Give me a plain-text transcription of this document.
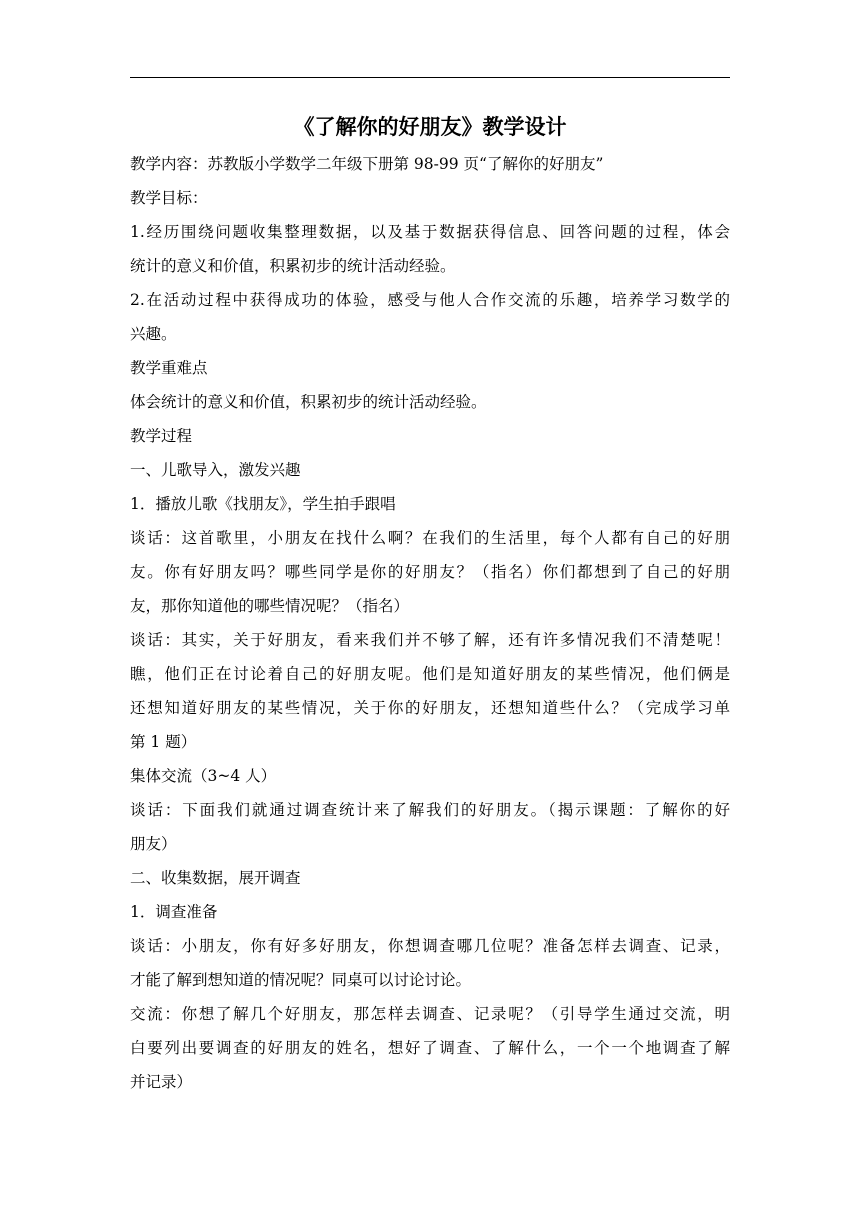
《了解你的好朋友》教学设计
教学内容：苏教版小学数学二年级下册第 98-99 页“了解你的好朋友”
教学目标：
1.经历围绕问题收集整理数据，以及基于数据获得信息、回答问题的过程，体会
统计的意义和价值，积累初步的统计活动经验。
2.在活动过程中获得成功的体验，感受与他人合作交流的乐趣，培养学习数学的
兴趣。
教学重难点
体会统计的意义和价值，积累初步的统计活动经验。
教学过程
一、儿歌导入，激发兴趣
1．播放儿歌《找朋友》，学生拍手跟唱
谈话：这首歌里，小朋友在找什么啊？在我们的生活里，每个人都有自己的好朋
友。你有好朋友吗？哪些同学是你的好朋友？（指名）你们都想到了自己的好朋
友，那你知道他的哪些情况呢？（指名）
谈话：其实，关于好朋友，看来我们并不够了解，还有许多情况我们不清楚呢！
瞧，他们正在讨论着自己的好朋友呢。他们是知道好朋友的某些情况，他们俩是
还想知道好朋友的某些情况，关于你的好朋友，还想知道些什么？（完成学习单
第 1 题）
集体交流（3~4 人）
谈话：下面我们就通过调查统计来了解我们的好朋友。（揭示课题：了解你的好
朋友）
二、收集数据，展开调查
1．调查准备
谈话：小朋友，你有好多好朋友，你想调查哪几位呢？准备怎样去调查、记录，
才能了解到想知道的情况呢？同桌可以讨论讨论。
交流：你想了解几个好朋友，那怎样去调查、记录呢？（引导学生通过交流，明
白要列出要调查的好朋友的姓名，想好了调查、了解什么，一个一个地调查了解
并记录）
